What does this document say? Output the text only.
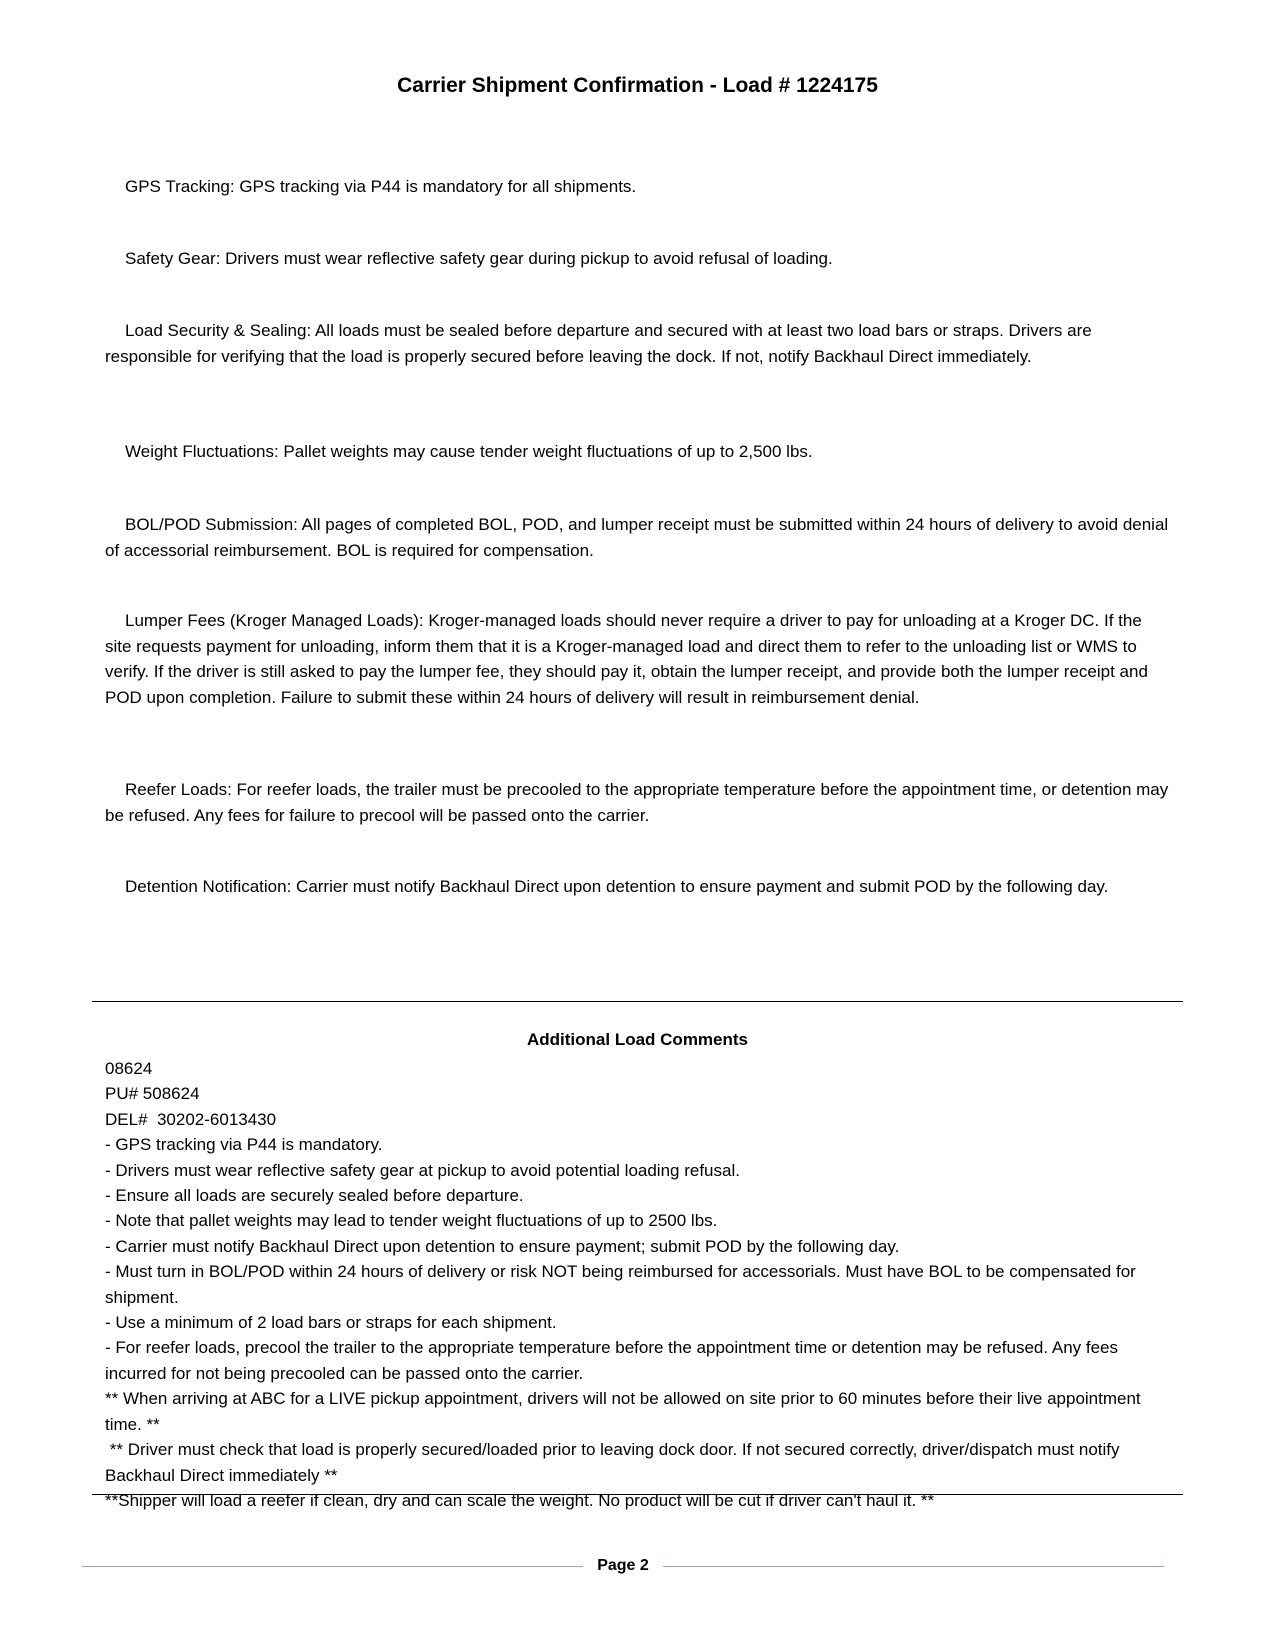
Carrier Shipment Confirmation - Load # 1224175
GPS Tracking: GPS tracking via P44 is mandatory for all shipments.
Safety Gear: Drivers must wear reflective safety gear during pickup to avoid refusal of loading.
Load Security & Sealing: All loads must be sealed before departure and secured with at least two load bars or straps. Drivers are responsible for verifying that the load is properly secured before leaving the dock. If not, notify Backhaul Direct immediately.
Weight Fluctuations: Pallet weights may cause tender weight fluctuations of up to 2,500 lbs.
BOL/POD Submission: All pages of completed BOL, POD, and lumper receipt must be submitted within 24 hours of delivery to avoid denial of accessorial reimbursement. BOL is required for compensation.
Lumper Fees (Kroger Managed Loads): Kroger-managed loads should never require a driver to pay for unloading at a Kroger DC. If the site requests payment for unloading, inform them that it is a Kroger-managed load and direct them to refer to the unloading list or WMS to verify. If the driver is still asked to pay the lumper fee, they should pay it, obtain the lumper receipt, and provide both the lumper receipt and POD upon completion. Failure to submit these within 24 hours of delivery will result in reimbursement denial.
Reefer Loads: For reefer loads, the trailer must be precooled to the appropriate temperature before the appointment time, or detention may be refused. Any fees for failure to precool will be passed onto the carrier.
Detention Notification: Carrier must notify Backhaul Direct upon detention to ensure payment and submit POD by the following day.
Additional Load Comments
08624
PU# 508624
DEL#  30202-6013430
- GPS tracking via P44 is mandatory.
- Drivers must wear reflective safety gear at pickup to avoid potential loading refusal.
- Ensure all loads are securely sealed before departure.
- Note that pallet weights may lead to tender weight fluctuations of up to 2500 lbs.
- Carrier must notify Backhaul Direct upon detention to ensure payment; submit POD by the following day.
- Must turn in BOL/POD within 24 hours of delivery or risk NOT being reimbursed for accessorials. Must have BOL to be compensated for shipment.
- Use a minimum of 2 load bars or straps for each shipment.
- For reefer loads, precool the trailer to the appropriate temperature before the appointment time or detention may be refused. Any fees incurred for not being precooled can be passed onto the carrier.
** When arriving at ABC for a LIVE pickup appointment, drivers will not be allowed on site prior to 60 minutes before their live appointment time. **
** Driver must check that load is properly secured/loaded prior to leaving dock door. If not secured correctly, driver/dispatch must notify Backhaul Direct immediately **
**Shipper will load a reefer if clean, dry and can scale the weight. No product will be cut if driver can't haul it. **
Page 2
